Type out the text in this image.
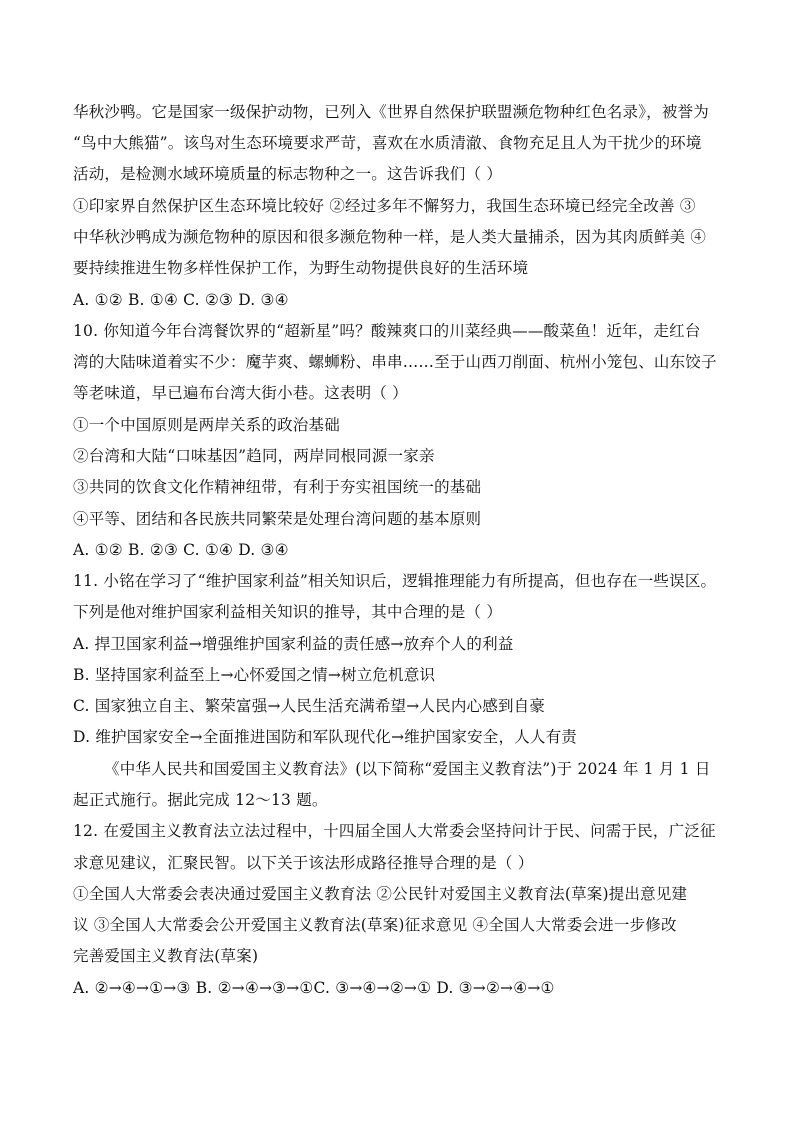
华秋沙鸭。它是国家一级保护动物，已列入《世界自然保护联盟濒危物种红色名录》，被誉为
“鸟中大熊猫”。该鸟对生态环境要求严苛，喜欢在水质清澈、食物充足且人为干扰少的环境
活动，是检测水域环境质量的标志物种之一。这告诉我们（ ）
①印家界自然保护区生态环境比较好 ②经过多年不懈努力，我国生态环境已经完全改善 ③
中华秋沙鸭成为濒危物种的原因和很多濒危物种一样，是人类大量捕杀，因为其肉质鲜美 ④
要持续推进生物多样性保护工作，为野生动物提供良好的生活环境
A. ①② B. ①④ C. ②③ D. ③④
10. 你知道今年台湾餐饮界的“超新星”吗？酸辣爽口的川菜经典——酸菜鱼！近年，走红台
湾的大陆味道着实不少：魔芋爽、螺蛳粉、串串……至于山西刀削面、杭州小笼包、山东饺子
等老味道，早已遍布台湾大街小巷。这表明（ ）
①一个中国原则是两岸关系的政治基础
②台湾和大陆“口味基因”趋同，两岸同根同源一家亲
③共同的饮食文化作精神纽带，有利于夯实祖国统一的基础
④平等、团结和各民族共同繁荣是处理台湾问题的基本原则
A. ①② B. ②③ C. ①④ D. ③④
11. 小铭在学习了“维护国家利益”相关知识后，逻辑推理能力有所提高，但也存在一些误区。
下列是他对维护国家利益相关知识的推导，其中合理的是（ ）
A. 捍卫国家利益→增强维护国家利益的责任感→放弃个人的利益
B. 坚持国家利益至上→心怀爱国之情→树立危机意识
C. 国家独立自主、繁荣富强→人民生活充满希望→人民内心感到自豪
D. 维护国家安全→全面推进国防和军队现代化→维护国家安全，人人有责
《中华人民共和国爱国主义教育法》(以下简称“爱国主义教育法”)于 2024 年 1 月 1 日
起正式施行。据此完成 12～13 题。
12. 在爱国主义教育法立法过程中，十四届全国人大常委会坚持问计于民、问需于民，广泛征
求意见建议，汇聚民智。以下关于该法形成路径推导合理的是（ ）
①全国人大常委会表决通过爱国主义教育法 ②公民针对爱国主义教育法(草案)提出意见建
议 ③全国人大常委会公开爱国主义教育法(草案)征求意见 ④全国人大常委会进一步修改
完善爱国主义教育法(草案)
A. ②→④→①→③ B. ②→④→③→①C. ③→④→②→① D. ③→②→④→①
